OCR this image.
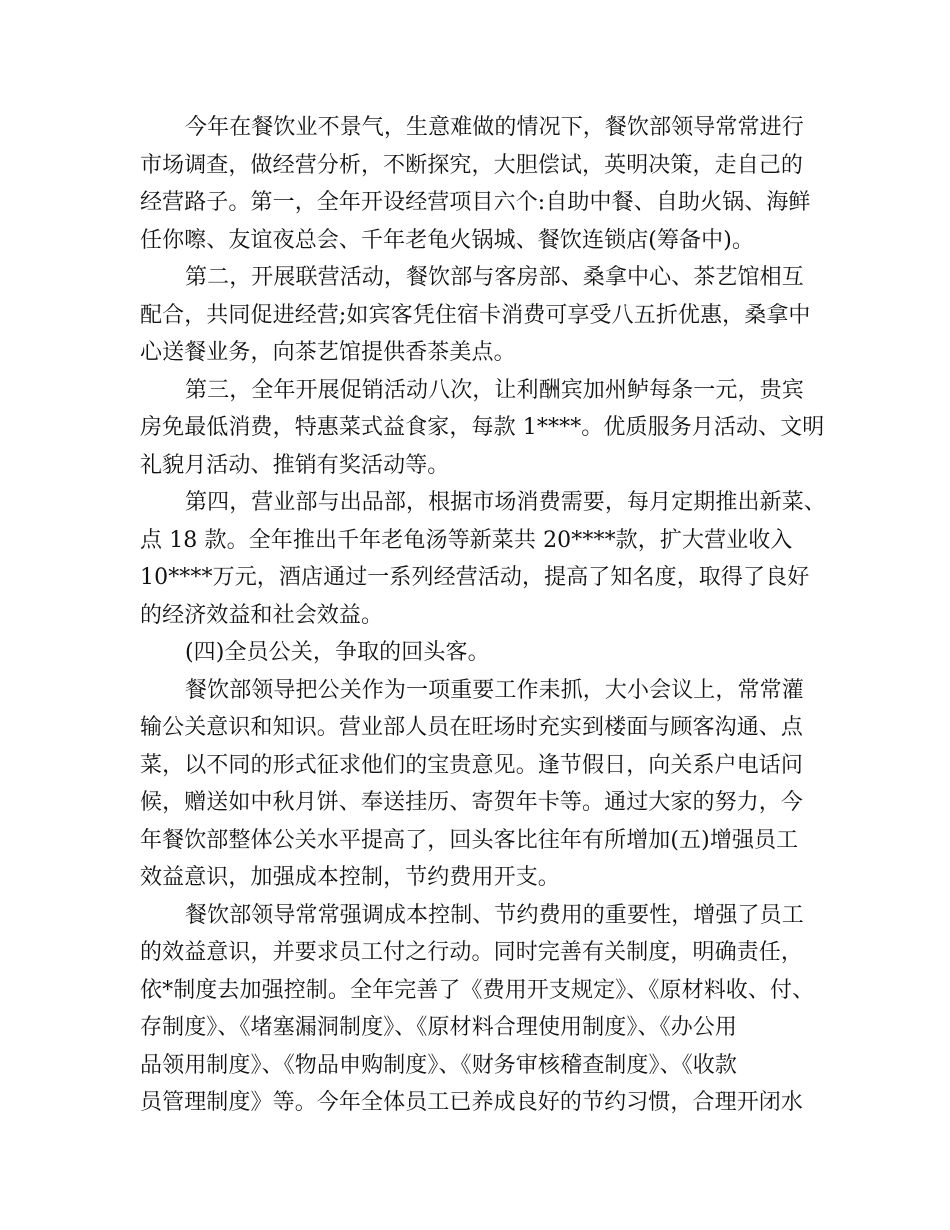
今年在餐饮业不景气，生意难做的情况下，餐饮部领导常常进行
市场调查，做经营分析，不断探究，大胆偿试，英明决策，走自己的
经营路子。第一，全年开设经营项目六个:自助中餐、自助火锅、海鲜
任你嚓、友谊夜总会、千年老龟火锅城、餐饮连锁店(筹备中)。
第二，开展联营活动，餐饮部与客房部、桑拿中心、茶艺馆相互
配合，共同促进经营;如宾客凭住宿卡消费可享受八五折优惠，桑拿中
心送餐业务，向茶艺馆提供香茶美点。
第三，全年开展促销活动八次，让利酬宾加州鲈每条一元，贵宾
房免最低消费，特惠菜式益食家，每款 1****。优质服务月活动、文明
礼貌月活动、推销有奖活动等。
第四，营业部与出品部，根据市场消费需要，每月定期推出新菜、
点 18 款。全年推出千年老龟汤等新菜共 20****款，扩大营业收入
10****万元，酒店通过一系列经营活动，提高了知名度，取得了良好
的经济效益和社会效益。
(四)全员公关，争取的回头客。
餐饮部领导把公关作为一项重要工作耒抓，大小会议上，常常灌
输公关意识和知识。营业部人员在旺场时充实到楼面与顾客沟通、点
菜，以不同的形式征求他们的宝贵意见。逢节假日，向关系户电话问
候，赠送如中秋月饼、奉送挂历、寄贺年卡等。通过大家的努力，今
年餐饮部整体公关水平提高了，回头客比往年有所增加(五)增强员工
效益意识，加强成本控制，节约费用开支。
餐饮部领导常常强调成本控制、节约费用的重要性，增强了员工
的效益意识，并要求员工付之行动。同时完善有关制度，明确责任，
依*制度去加强控制。全年完善了《费用开支规定》、《原材料收、付、
存制度》、《堵塞漏洞制度》、《原材料合理使用制度》、《办公用
品领用制度》、《物品申购制度》、《财务审核稽查制度》、《收款
员管理制度》等。今年全体员工已养成良好的节约习惯，合理开闭水
